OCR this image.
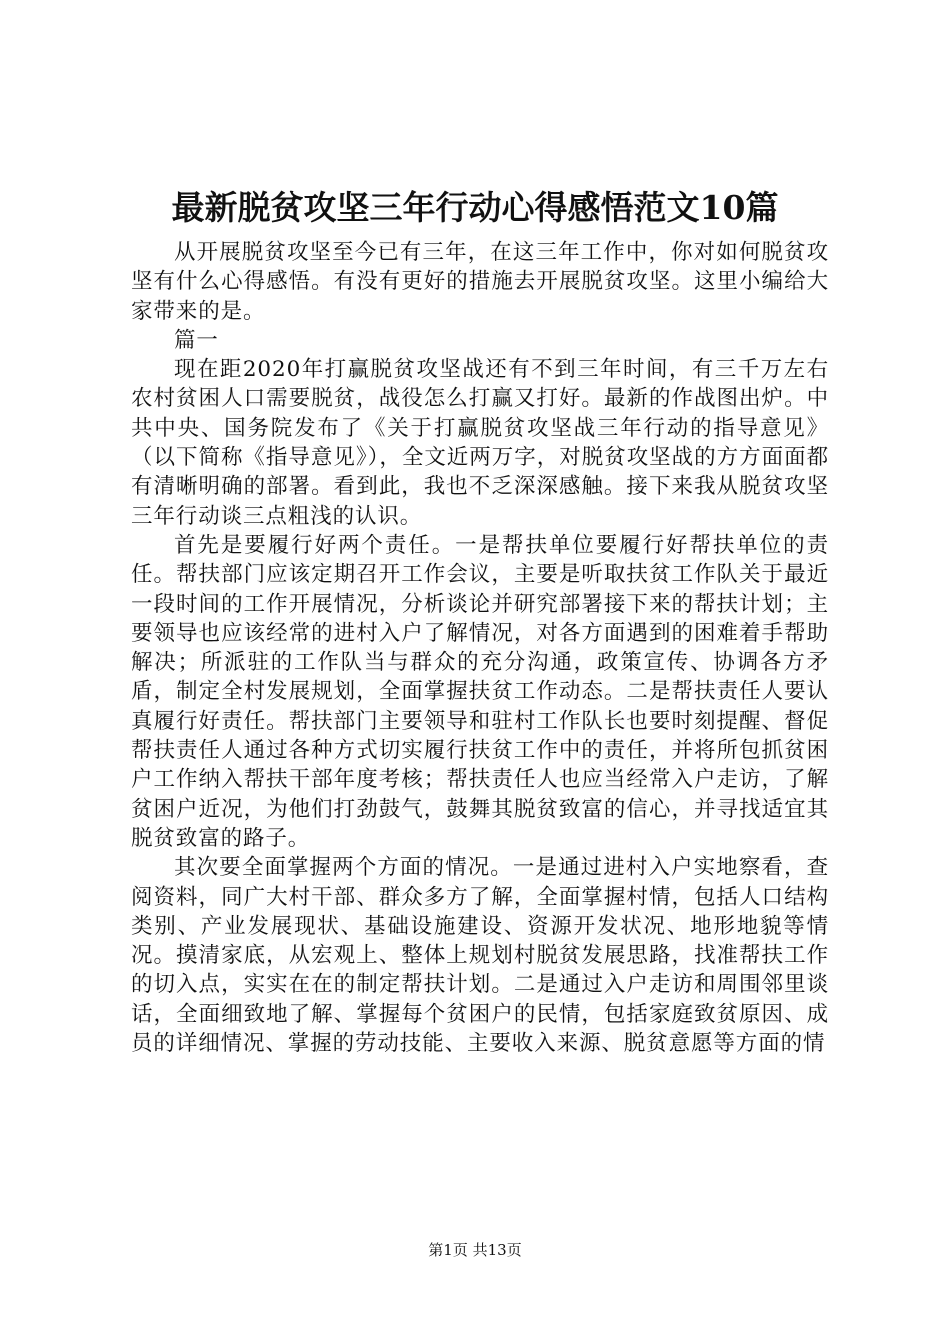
最新脱贫攻坚三年行动心得感悟范文10篇

从开展脱贫攻坚至今已有三年，在这三年工作中，你对如何脱贫攻坚有什么心得感悟。有没有更好的措施去开展脱贫攻坚。这里小编给大家带来的是。

篇一

现在距2020年打赢脱贫攻坚战还有不到三年时间，有三千万左右农村贫困人口需要脱贫，战役怎么打赢又打好。最新的作战图出炉。中共中央、国务院发布了《关于打赢脱贫攻坚战三年行动的指导意见》（以下简称《指导意见》），全文近两万字，对脱贫攻坚战的方方面面都有清晰明确的部署。看到此，我也不乏深深感触。接下来我从脱贫攻坚三年行动谈三点粗浅的认识。

首先是要履行好两个责任。一是帮扶单位要履行好帮扶单位的责任。帮扶部门应该定期召开工作会议，主要是听取扶贫工作队关于最近一段时间的工作开展情况，分析谈论并研究部署接下来的帮扶计划；主要领导也应该经常的进村入户了解情况，对各方面遇到的困难着手帮助解决；所派驻的工作队当与群众的充分沟通，政策宣传、协调各方矛盾，制定全村发展规划，全面掌握扶贫工作动态。二是帮扶责任人要认真履行好责任。帮扶部门主要领导和驻村工作队长也要时刻提醒、督促帮扶责任人通过各种方式切实履行扶贫工作中的责任，并将所包抓贫困户工作纳入帮扶干部年度考核；帮扶责任人也应当经常入户走访，了解贫困户近况，为他们打劲鼓气，鼓舞其脱贫致富的信心，并寻找适宜其脱贫致富的路子。

其次要全面掌握两个方面的情况。一是通过进村入户实地察看，查阅资料，同广大村干部、群众多方了解，全面掌握村情，包括人口结构类别、产业发展现状、基础设施建设、资源开发状况、地形地貌等情况。摸清家底，从宏观上、整体上规划村脱贫发展思路，找准帮扶工作的切入点，实实在在的制定帮扶计划。二是通过入户走访和周围邻里谈话，全面细致地了解、掌握每个贫困户的民情，包括家庭致贫原因、成员的详细情况、掌握的劳动技能、主要收入来源、脱贫意愿等方面的情

第1页 共13页
